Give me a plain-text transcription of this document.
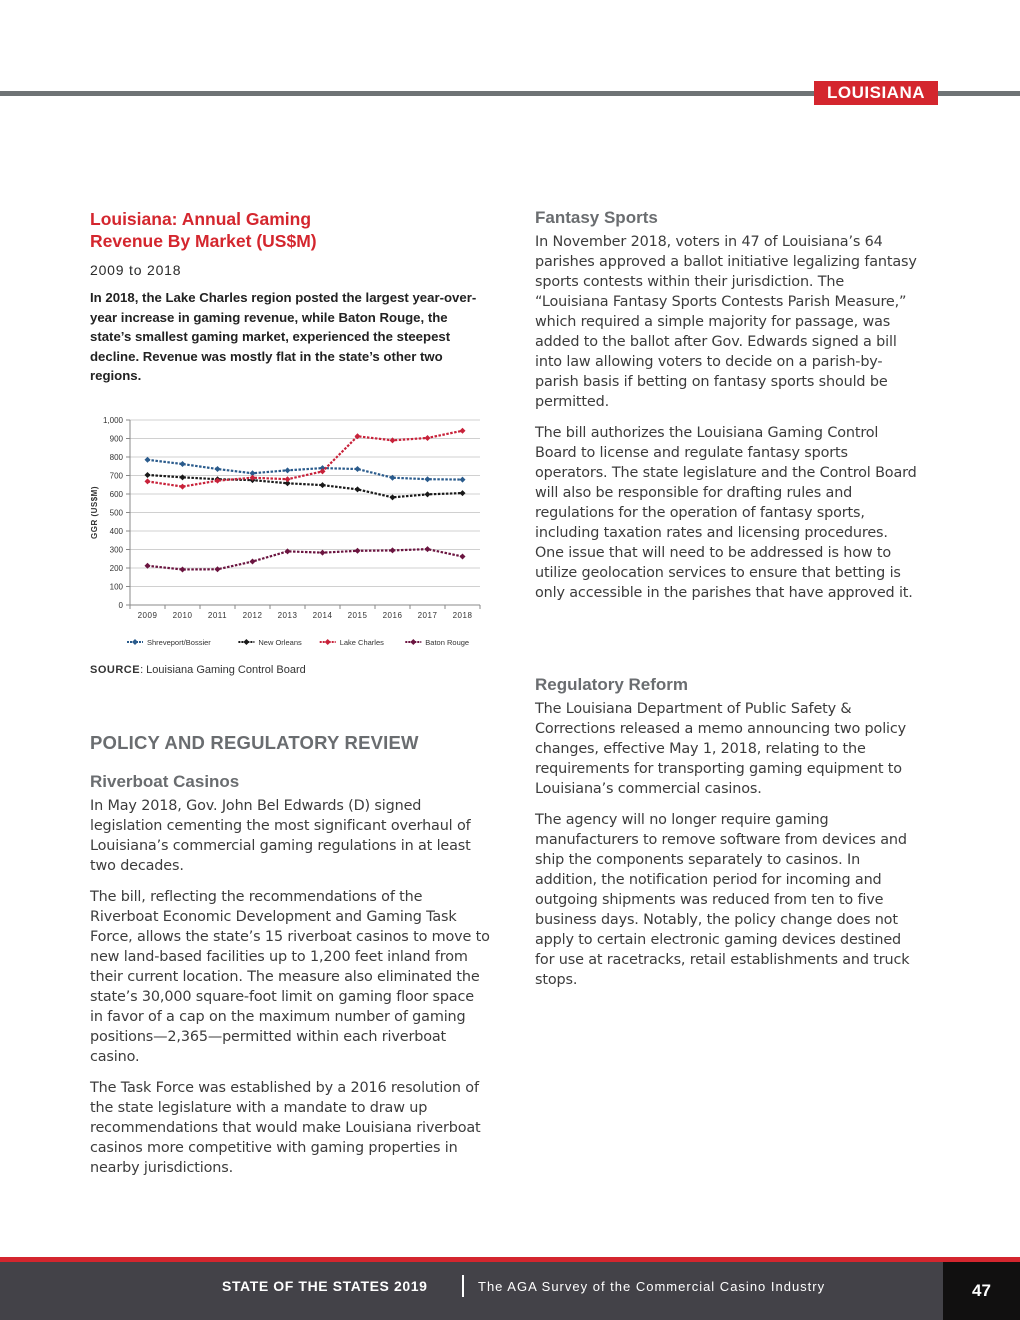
LOUISIANA

Louisiana: Annual Gaming
Revenue By Market (US$M)

2009 to 2018

In 2018, the Lake Charles region posted the largest year-over-year increase in gaming revenue, while Baton Rouge, the state’s smallest gaming market, experienced the steepest decline. Revenue was mostly flat in the state’s other two regions.

0
100
200
300
400
500
600
700
800
900
1,000
2009 2010 2011 2012 2013 2014 2015 2016 2017 2018
GGR (US$M)
Shreveport/Bossier	New Orleans	Lake Charles	Baton Rouge
SOURCE: Louisiana Gaming Control Board
POLICY AND REGULATORY REVIEW

Riverboat Casinos

In May 2018, Gov. John Bel Edwards (D) signed legislation cementing the most significant overhaul of Louisiana’s commercial gaming regulations in at least two decades.

The bill, reflecting the recommendations of the Riverboat Economic Development and Gaming Task Force, allows the state’s 15 riverboat casinos to move to new land-based facilities up to 1,200 feet inland from their current location. The measure also eliminated the state’s 30,000 square-foot limit on gaming floor space in favor of a cap on the maximum number of gaming positions—2,365—permitted within each riverboat casino.

The Task Force was established by a 2016 resolution of the state legislature with a mandate to draw up recommendations that would make Louisiana riverboat casinos more competitive with gaming properties in nearby jurisdictions.

Fantasy Sports

In November 2018, voters in 47 of Louisiana’s 64 parishes approved a ballot initiative legalizing fantasy sports contests within their jurisdiction. The “Louisiana Fantasy Sports Contests Parish Measure,” which required a simple majority for passage, was added to the ballot after Gov. Edwards signed a bill into law allowing voters to decide on a parish-by-parish basis if betting on fantasy sports should be permitted.

The bill authorizes the Louisiana Gaming Control Board to license and regulate fantasy sports operators. The state legislature and the Control Board will also be responsible for drafting rules and regulations for the operation of fantasy sports, including taxation rates and licensing procedures. One issue that will need to be addressed is how to utilize geolocation services to ensure that betting is only accessible in the parishes that have approved it.

Regulatory Reform

The Louisiana Department of Public Safety & Corrections released a memo announcing two policy changes, effective May 1, 2018, relating to the requirements for transporting gaming equipment to Louisiana’s commercial casinos.

The agency will no longer require gaming manufacturers to remove software from devices and ship the components separately to casinos. In addition, the notification period for incoming and outgoing shipments was reduced from ten to five business days. Notably, the policy change does not apply to certain electronic gaming devices destined for use at racetracks, retail establishments and truck stops.

STATE OF THE STATES 2019	The AGA Survey of the Commercial Casino Industry	47
